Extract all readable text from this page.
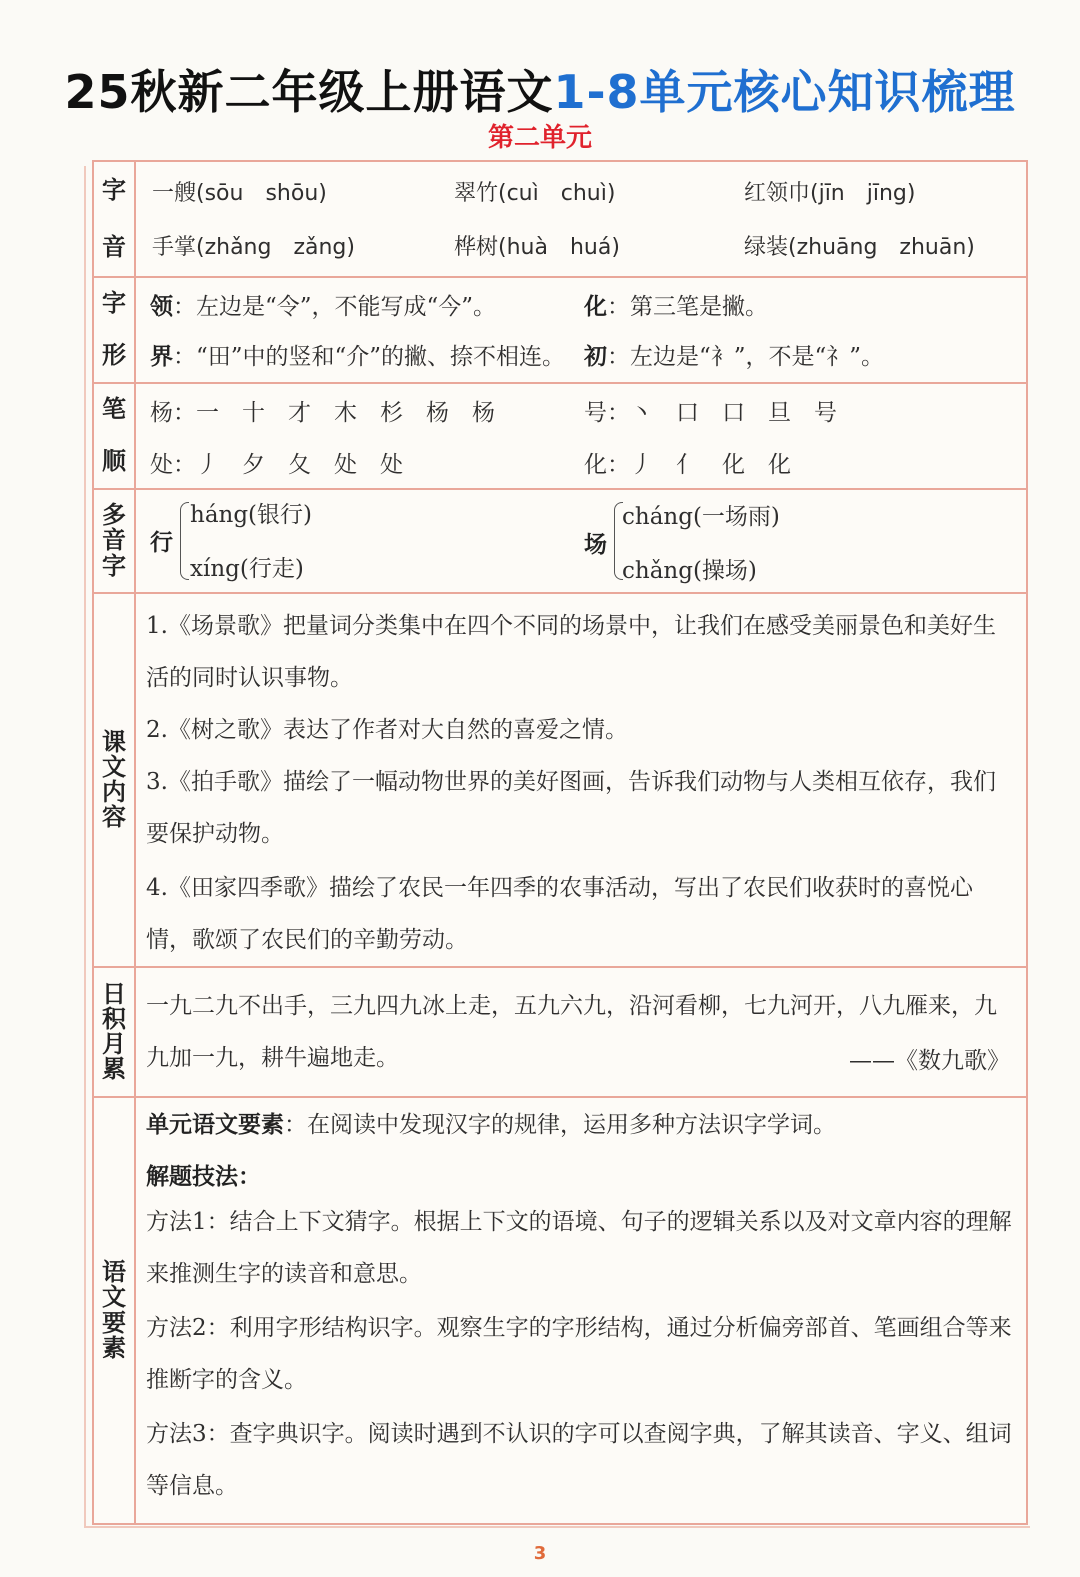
25秋新二年级上册语文1-8单元核心知识梳理
第二单元
字
音
一艘(sōu　shōu)	翠竹(cuì　chuì)	红领巾(jīn　jīng)
手掌(zhǎng　zǎng)	桦树(huà　huá)	绿装(zhuāng　zhuān)
字
形
领：左边是“令”，不能写成“今”。	化：第三笔是撇。
界：“田”中的竖和“介”的撇、捺不相连。 初：左边是“衤”，不是“礻”。
笔
顺
杨：一　十　才　木　杉　杨　杨	号：丶　口　口　旦　号
处：丿　夕　夂　处　处	化：丿　亻　化　化
多
音
字
行
háng(银行)
xíng(行走)
场
cháng(一场雨)
chǎng(操场)
课
文
内
容
1.《场景歌》把量词分类集中在四个不同的场景中，让我们在感受美丽景色和美好生活的同时认识事物。
2.《树之歌》表达了作者对大自然的喜爱之情。
3.《拍手歌》描绘了一幅动物世界的美好图画，告诉我们动物与人类相互依存，我们要保护动物。
4.《田家四季歌》描绘了农民一年四季的农事活动，写出了农民们收获时的喜悦心情，歌颂了农民们的辛勤劳动。
日
积
月
累
一九二九不出手，三九四九冰上走，五九六九，沿河看柳，七九河开，八九雁来，九九加一九，耕牛遍地走。	——《数九歌》
语
文
要
素
单元语文要素：在阅读中发现汉字的规律，运用多种方法识字学词。
解题技法：
方法1：结合上下文猜字。根据上下文的语境、句子的逻辑关系以及对文章内容的理解来推测生字的读音和意思。
方法2：利用字形结构识字。观察生字的字形结构，通过分析偏旁部首、笔画组合等来推断字的含义。
方法3：查字典识字。阅读时遇到不认识的字可以查阅字典，了解其读音、字义、组词等信息。
3
